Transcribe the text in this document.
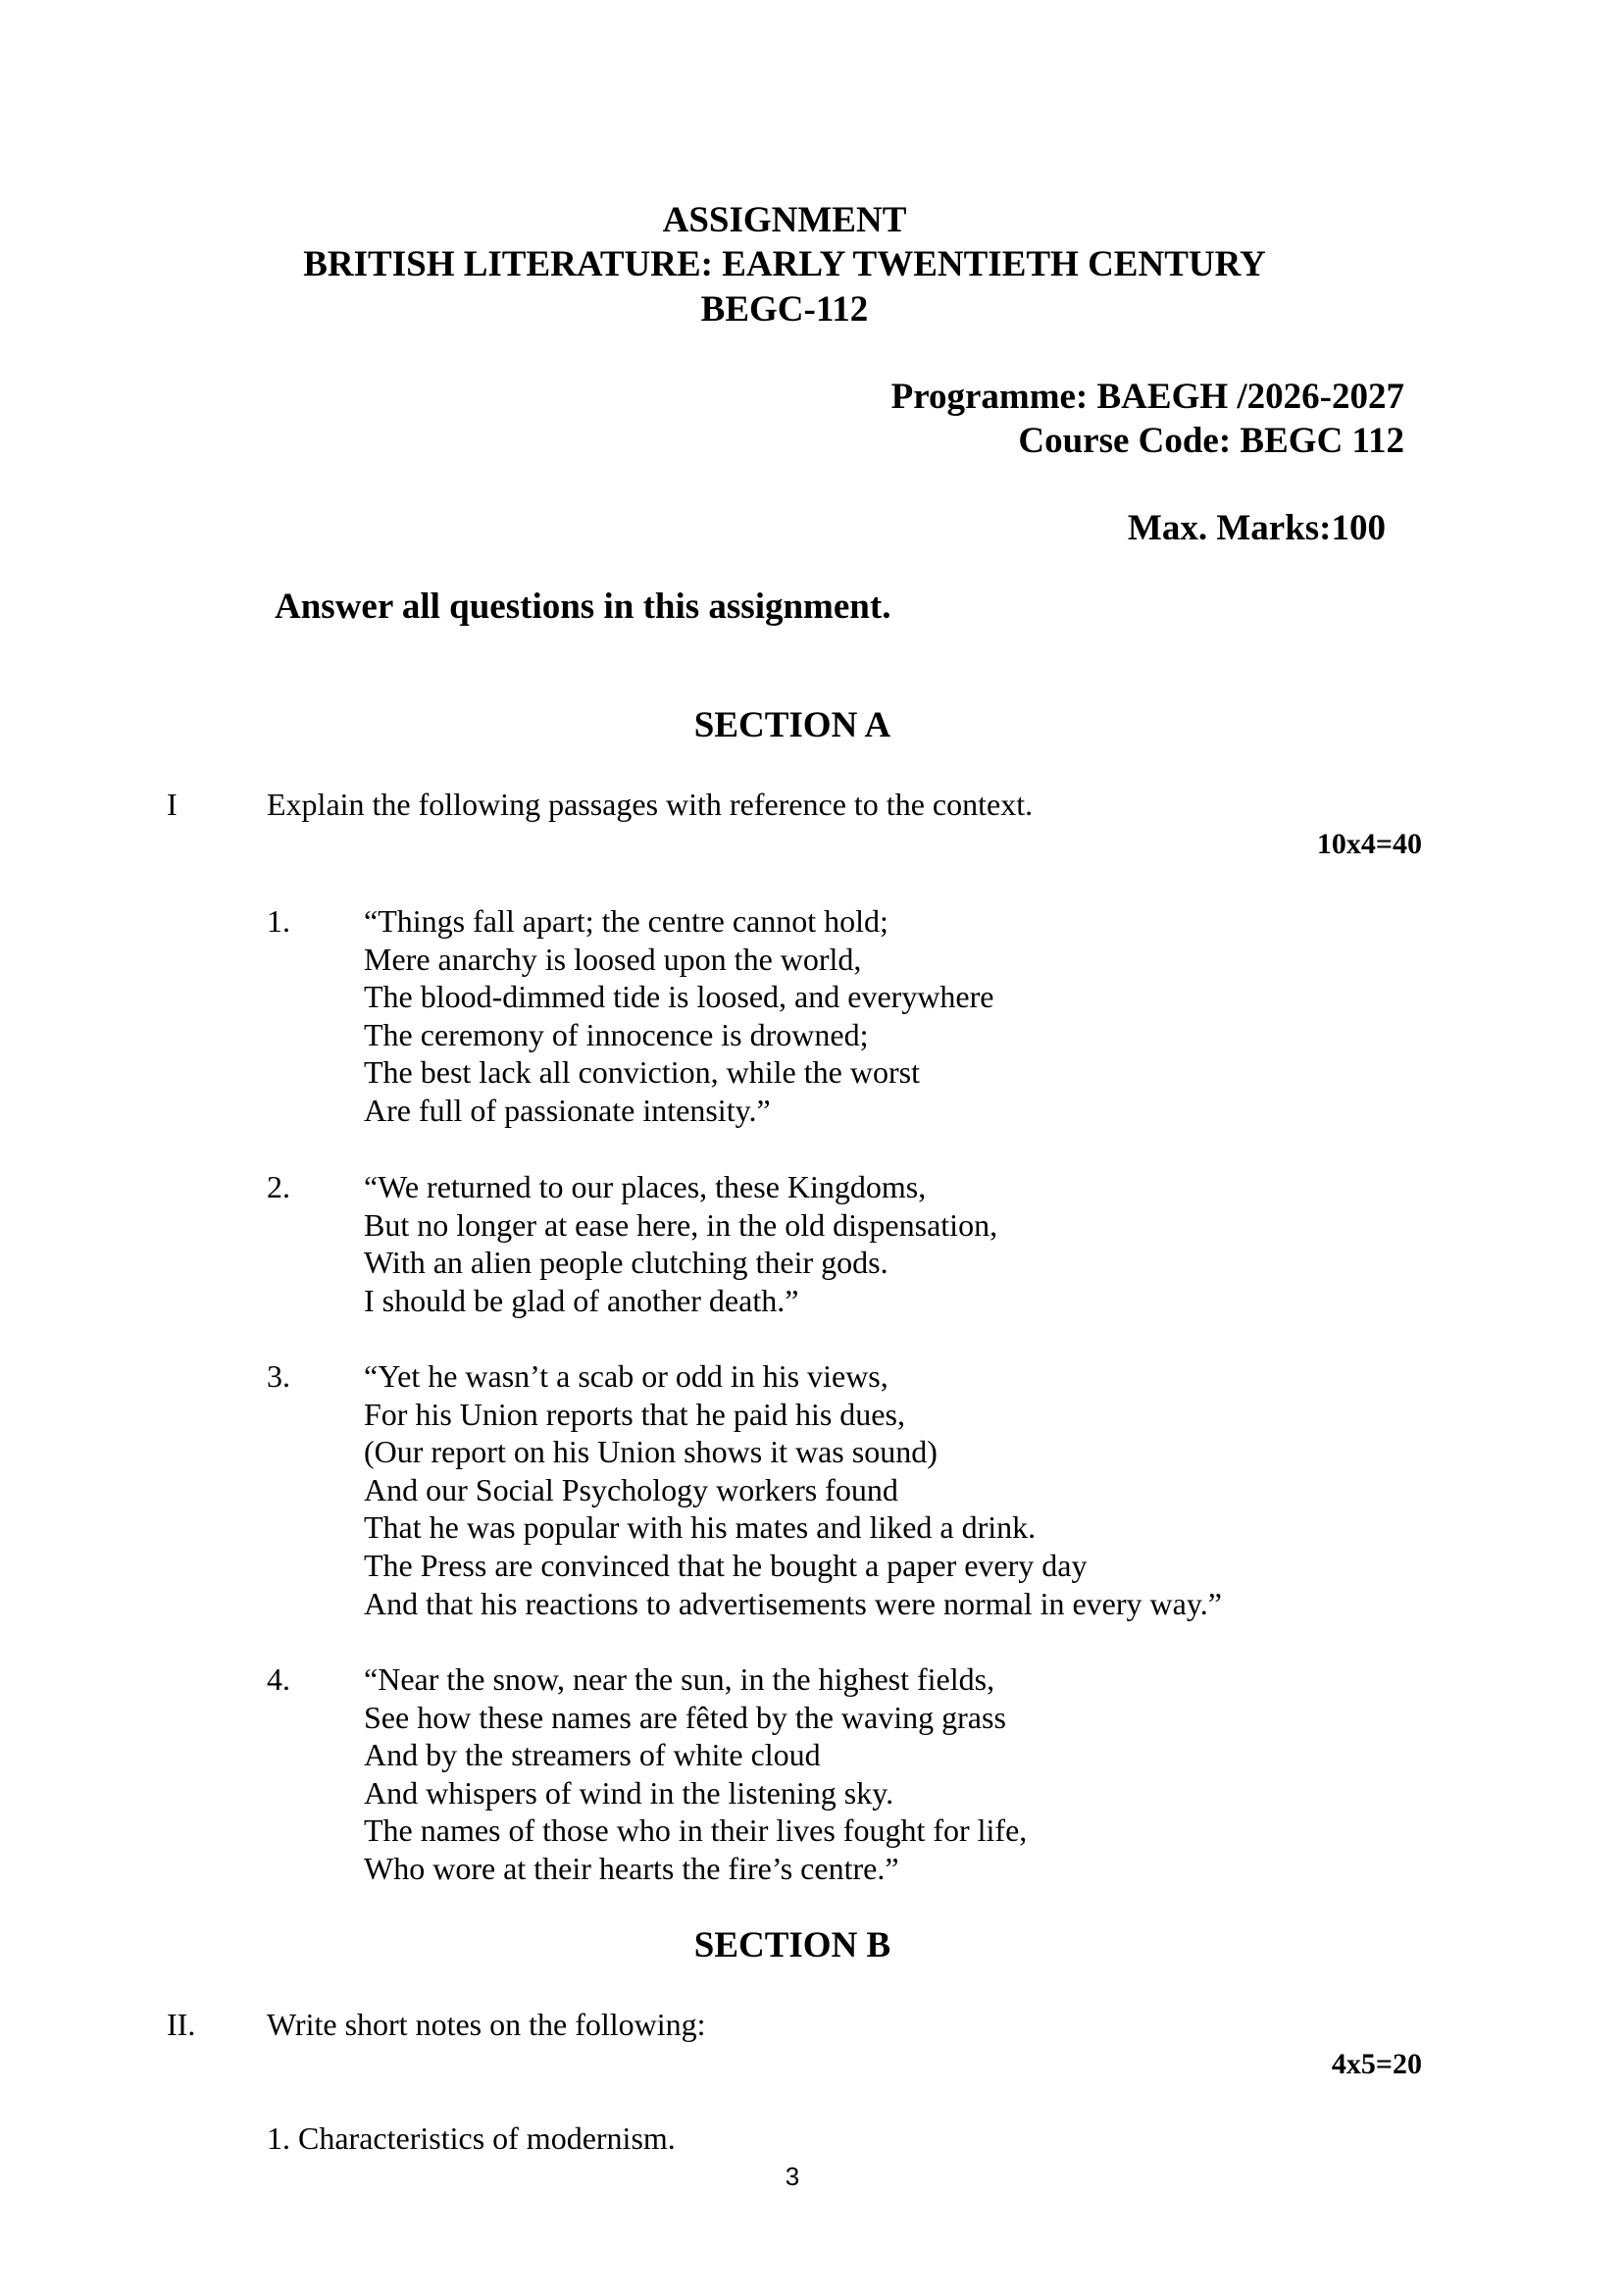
ASSIGNMENT
BRITISH LITERATURE: EARLY TWENTIETH CENTURY
BEGC-112
Programme: BAEGH /2026-2027
Course Code: BEGC 112
Max. Marks:100
Answer all questions in this assignment.
SECTION A
I	Explain the following passages with reference to the context.
10x4=40
1. “Things fall apart; the centre cannot hold;
Mere anarchy is loosed upon the world,
The blood-dimmed tide is loosed, and everywhere
The ceremony of innocence is drowned;
The best lack all conviction, while the worst
Are full of passionate intensity.”
2. “We returned to our places, these Kingdoms,
But no longer at ease here, in the old dispensation,
With an alien people clutching their gods.
I should be glad of another death.”
3. “Yet he wasn’t a scab or odd in his views,
For his Union reports that he paid his dues,
(Our report on his Union shows it was sound)
And our Social Psychology workers found
That he was popular with his mates and liked a drink.
The Press are convinced that he bought a paper every day
And that his reactions to advertisements were normal in every way.”
4. “Near the snow, near the sun, in the highest fields,
See how these names are fêted by the waving grass
And by the streamers of white cloud
And whispers of wind in the listening sky.
The names of those who in their lives fought for life,
Who wore at their hearts the fire’s centre.”
SECTION B
II. Write short notes on the following:
4x5=20
1. Characteristics of modernism.
3
